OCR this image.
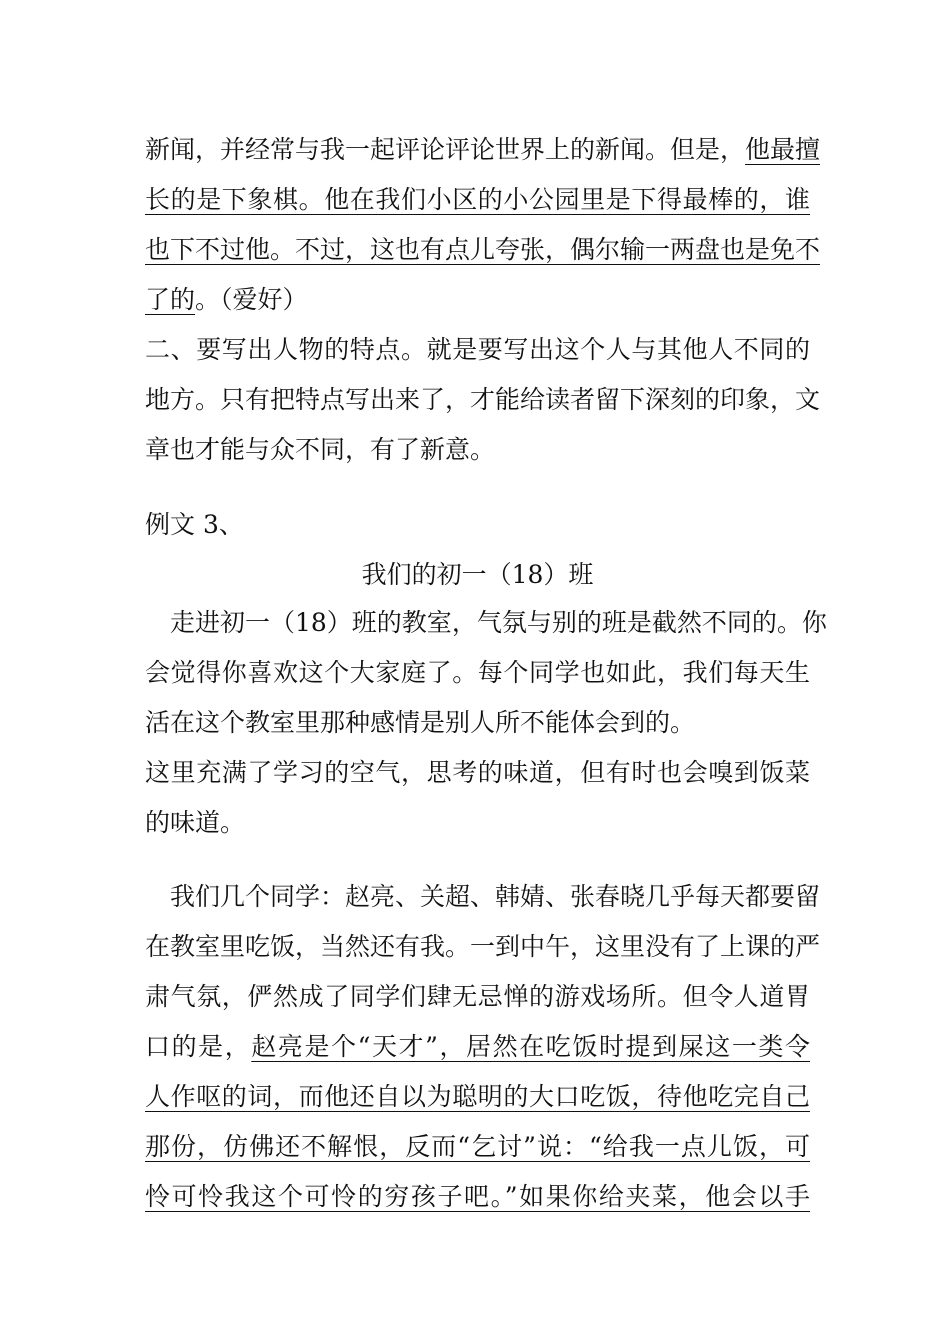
新闻，并经常与我一起评论评论世界上的新闻。但是，他最擅
长的是下象棋。他在我们小区的小公园里是下得最棒的，谁
也下不过他。不过，这也有点儿夸张，偶尔输一两盘也是免不
了的。（爱好）
二、要写出人物的特点。就是要写出这个人与其他人不同的
地方。只有把特点写出来了，才能给读者留下深刻的印象，文
章也才能与众不同，有了新意。
例文 3、
我们的初一（18）班
　走进初一（18）班的教室，气氛与别的班是截然不同的。你
会觉得你喜欢这个大家庭了。每个同学也如此，我们每天生
活在这个教室里那种感情是别人所不能体会到的。
这里充满了学习的空气，思考的味道，但有时也会嗅到饭菜
的味道。
　我们几个同学：赵亮、关超、韩婧、张春晓几乎每天都要留
在教室里吃饭，当然还有我。一到中午，这里没有了上课的严
肃气氛，俨然成了同学们肆无忌惮的游戏场所。但令人道胃
口的是，赵亮是个“天才”，居然在吃饭时提到屎这一类令
人作呕的词，而他还自以为聪明的大口吃饭，待他吃完自己
那份，仿佛还不解恨，反而“乞讨”说：“给我一点儿饭，可
怜可怜我这个可怜的穷孩子吧。”如果你给夹菜，他会以手
